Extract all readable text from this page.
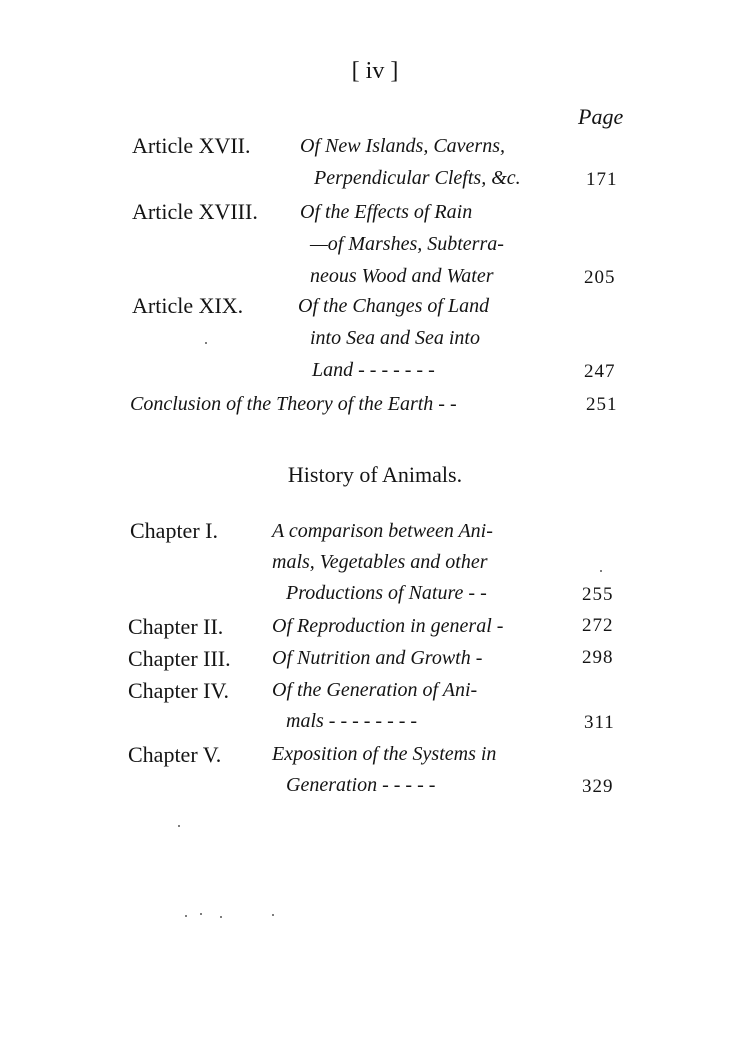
[ iv ]
Page
Article XVII. Of New Islands, Caverns,
Perpendicular Clefts, &c.	171
Article XVIII. Of the Effects of Rain
—of Marshes, Subterra-
neous Wood and Water	205
Article XIX.	Of the Changes of Land
into Sea and Sea into
Land - - - - - - -	247
Conclusion of the Theory of the Earth - -	251
History of Animals.
Chapter I.	A comparison between Ani-
mals, Vegetables and other
Productions of Nature - -	255
Chapter II. Of Reproduction in general -	272
Chapter III. Of Nutrition and Growth -	298
Chapter IV. Of the Generation of Ani-
mals - - - - - - - -	311
Chapter V.	Exposition of the Systems in
Generation - - - - -	329
